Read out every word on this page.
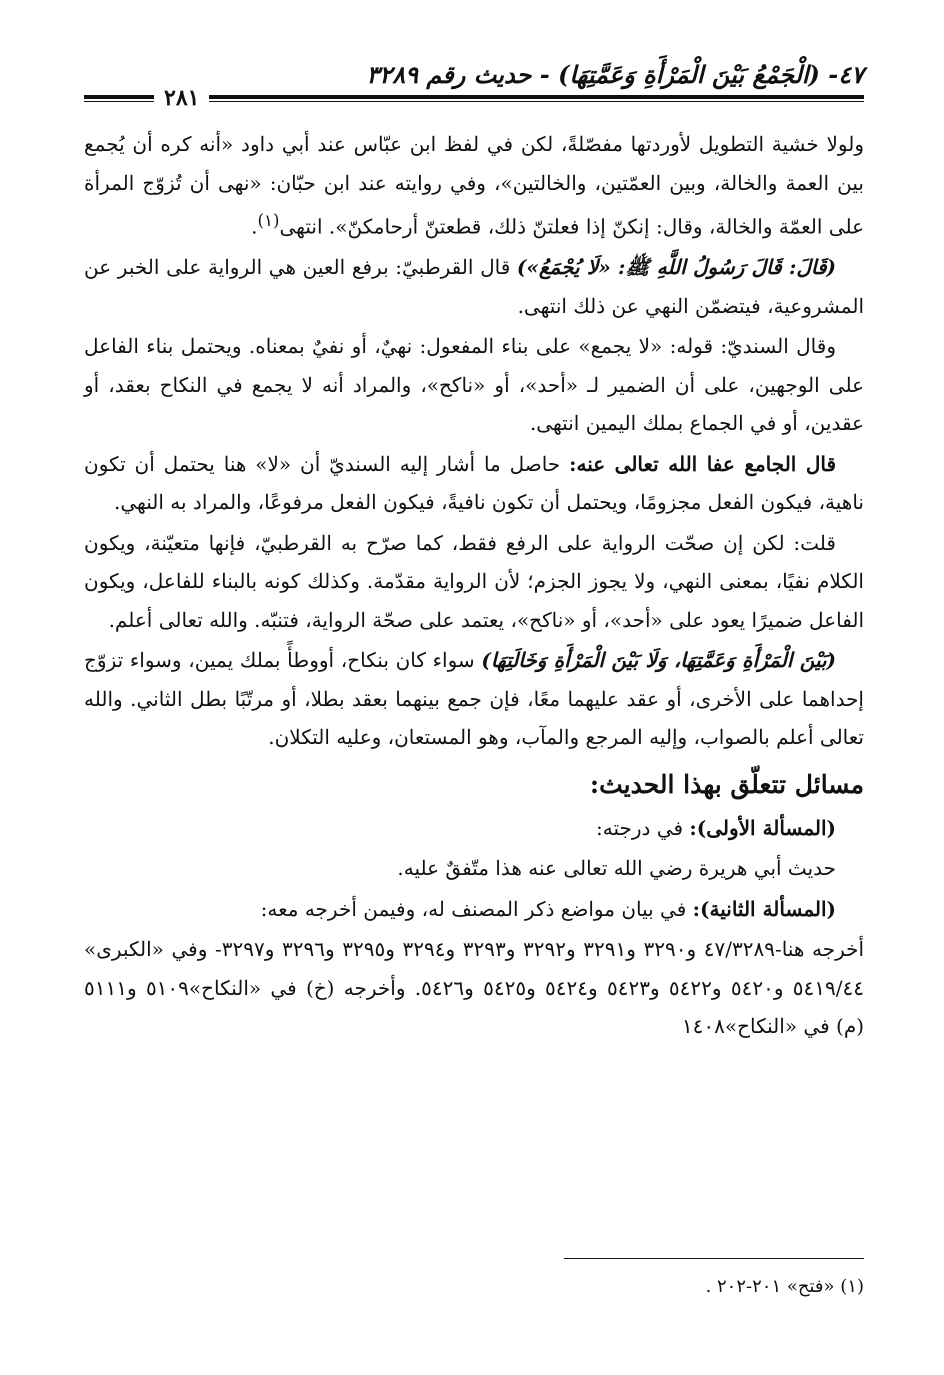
٤٧- (الْجَمْعُ بَيْنَ الْمَرْأَةِ وَعَمَّتِهَا) - حديث رقم ٣٢٨٩
٢٨١

ولولا خشية التطويل لأوردتها مفصّلةً، لكن في لفظ ابن عبّاس عند أبي داود «أنه كره أن يُجمع بين العمة والخالة، وبين العمّتين، والخالتين»، وفي روايته عند ابن حبّان: «نهى أن تُزوّج المرأة على العمّة والخالة، وقال: إنكنّ إذا فعلتنّ ذلك، قطعتنّ أرحامكنّ». انتهى$^{(١)}$.

(قَالَ: قَالَ رَسُولُ اللَّهِ ﷺ: «لَا يُجْمَعُ») قال القرطبيّ: برفع العين هي الرواية على الخبر عن المشروعية، فيتضمّن النهي عن ذلك انتهى.

وقال السنديّ: قوله: «لا يجمع» على بناء المفعول: نهيٌ، أو نفيٌ بمعناه. ويحتمل بناء الفاعل على الوجهين، على أن الضمير لـ «أحد»، أو «ناكح»، والمراد أنه لا يجمع في النكاح بعقد، أو عقدين، أو في الجماع بملك اليمين انتهى.

قال الجامع عفا الله تعالى عنه: حاصل ما أشار إليه السنديّ أن «لا» هنا يحتمل أن تكون ناهية، فيكون الفعل مجزومًا، ويحتمل أن تكون نافيةً، فيكون الفعل مرفوعًا، والمراد به النهي.

قلت: لكن إن صحّت الرواية على الرفع فقط، كما صرّح به القرطبيّ، فإنها متعيّنة، ويكون الكلام نفيًا، بمعنى النهي، ولا يجوز الجزم؛ لأن الرواية مقدّمة. وكذلك كونه بالبناء للفاعل، ويكون الفاعل ضميرًا يعود على «أحد»، أو «ناكح»، يعتمد على صحّة الرواية، فتنبّه. والله تعالى أعلم.

(بَيْنَ الْمَرْأَةِ وَعَمَّتِهَا، وَلَا بَيْنَ الْمَرْأَةِ وَخَالَتِهَا) سواء كان بنكاح، أووطأً بملك يمين، وسواء تزوّج إحداهما على الأخرى، أو عقد عليهما معًا، فإن جمع بينهما بعقد بطلا، أو مرتّبًا بطل الثاني. والله تعالى أعلم بالصواب، وإليه المرجع والمآب، وهو المستعان، وعليه التكلان.

مسائل تتعلّق بهذا الحديث:

(المسألة الأولى): في درجته:

حديث أبي هريرة رضي الله تعالى عنه هذا متّفقٌ عليه.

(المسألة الثانية): في بيان مواضع ذكر المصنف له، وفيمن أخرجه معه:

أخرجه هنا-٤٧/٣٢٨٩ و٣٢٩٠ و٣٢٩١ و٣٢٩٢ و٣٢٩٣ و٣٢٩٤ و٣٢٩٥ و٣٢٩٦ و٣٢٩٧- وفي «الكبرى» ٥٤١٩/٤٤ و٥٤٢٠ و٥٤٢٢ و٥٤٢٣ و٥٤٢٤ و٥٤٢٥ و٥٤٢٦. وأخرجه (خ) في «النكاح»٥١٠٩ و٥١١١ (م) في «النكاح»١٤٠٨

(١) «فتح» ٢٠١-٢٠٢ .
